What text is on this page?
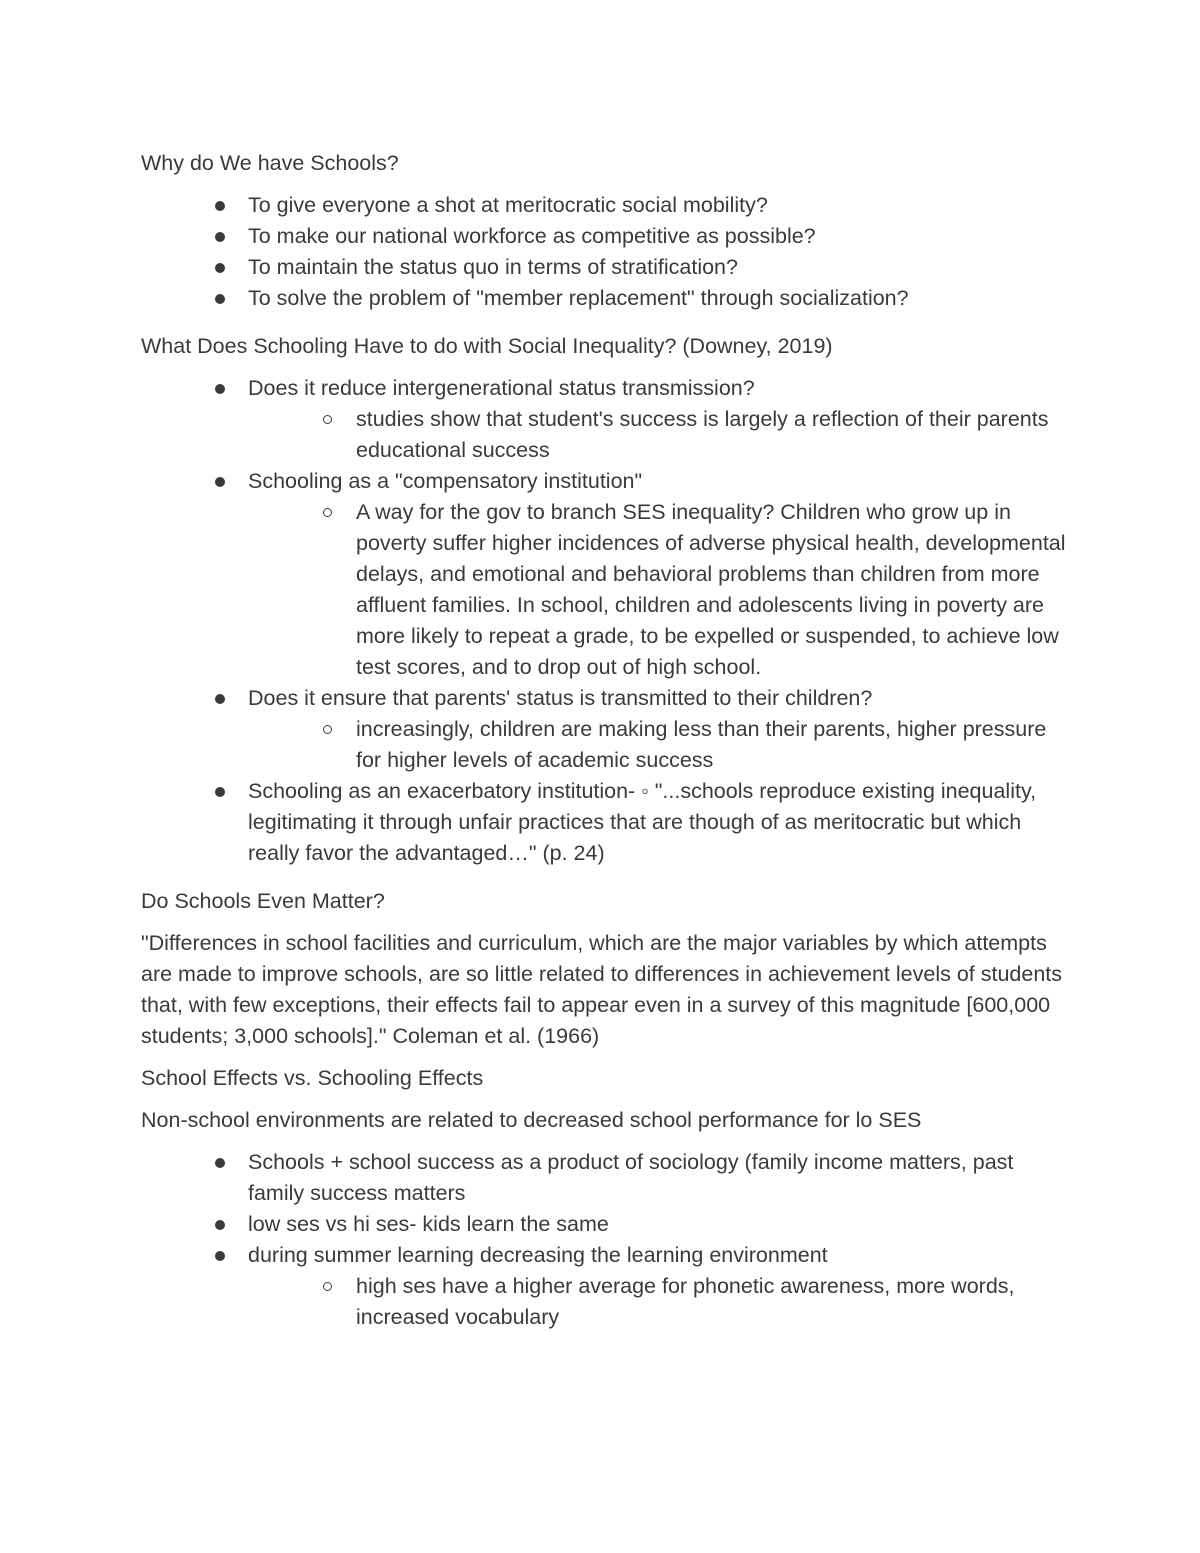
Why do We have Schools?

To give everyone a shot at meritocratic social mobility?
To make our national workforce as competitive as possible?
To maintain the status quo in terms of stratification?
To solve the problem of "member replacement" through socialization?

What Does Schooling Have to do with Social Inequality? (Downey, 2019)

Does it reduce intergenerational status transmission?
studies show that student's success is largely a reflection of their parents educational success
Schooling as a "compensatory institution"
A way for the gov to branch SES inequality? Children who grow up in poverty suffer higher incidences of adverse physical health, developmental delays, and emotional and behavioral problems than children from more affluent families. In school, children and adolescents living in poverty are more likely to repeat a grade, to be expelled or suspended, to achieve low test scores, and to drop out of high school.
Does it ensure that parents' status is transmitted to their children?
increasingly, children are making less than their parents, higher pressure for higher levels of academic success
Schooling as an exacerbatory institution- ◦ "...schools reproduce existing inequality, legitimating it through unfair practices that are though of as meritocratic but which really favor the advantaged…" (p. 24)

Do Schools Even Matter?

"Differences in school facilities and curriculum, which are the major variables by which attempts are made to improve schools, are so little related to differences in achievement levels of students that, with few exceptions, their effects fail to appear even in a survey of this magnitude [600,000 students; 3,000 schools]." Coleman et al. (1966)

School Effects vs. Schooling Effects

Non-school environments are related to decreased school performance for lo SES

Schools + school success as a product of sociology (family income matters, past family success matters
low ses vs hi ses- kids learn the same
during summer learning decreasing the learning environment
high ses have a higher average for phonetic awareness, more words, increased vocabulary
